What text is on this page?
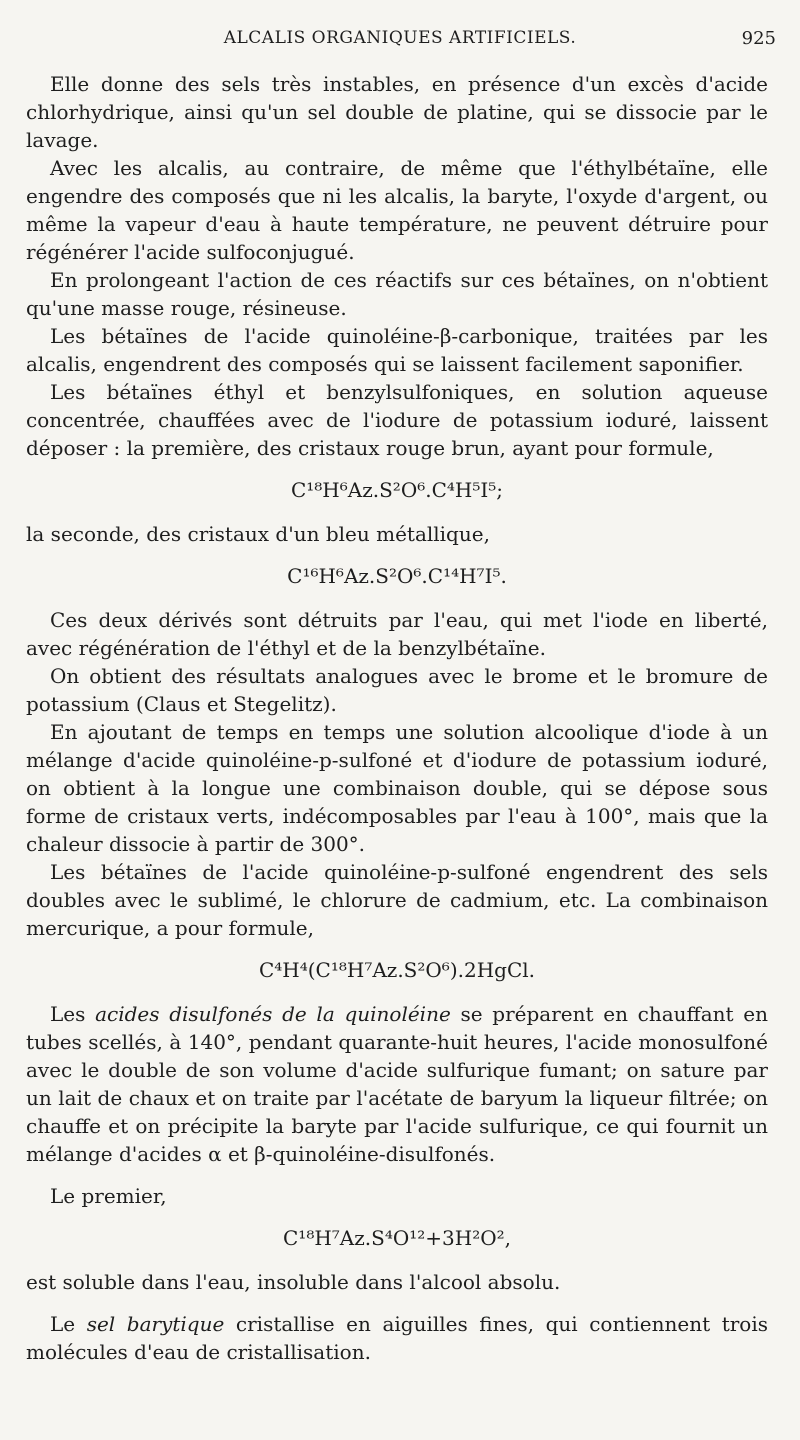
ALCALIS ORGANIQUES ARTIFICIELS.	925

Elle donne des sels très instables, en présence d'un excès d'acide chlorhydrique, ainsi qu'un sel double de platine, qui se dissocie par le lavage.

Avec les alcalis, au contraire, de même que l'éthylbétaïne, elle engendre des composés que ni les alcalis, la baryte, l'oxyde d'argent, ou même la vapeur d'eau à haute température, ne peuvent détruire pour régénérer l'acide sulfoconjugué.

En prolongeant l'action de ces réactifs sur ces bétaïnes, on n'obtient qu'une masse rouge, résineuse.

Les bétaïnes de l'acide quinoléine-β-carbonique, traitées par les alcalis, engendrent des composés qui se laissent facilement saponifier.

Les bétaïnes éthyl et benzylsulfoniques, en solution aqueuse concentrée, chauffées avec de l'iodure de potassium ioduré, laissent déposer : la première, des cristaux rouge brun, ayant pour formule,

C¹⁸H⁶Az.S²O⁶.C⁴H⁵I⁵;

la seconde, des cristaux d'un bleu métallique,

C¹⁶H⁶Az.S²O⁶.C¹⁴H⁷I⁵.

Ces deux dérivés sont détruits par l'eau, qui met l'iode en liberté, avec régénération de l'éthyl et de la benzylbétaïne.

On obtient des résultats analogues avec le brome et le bromure de potassium (Claus et Stegelitz).

En ajoutant de temps en temps une solution alcoolique d'iode à un mélange d'acide quinoléine-p-sulfoné et d'iodure de potassium ioduré, on obtient à la longue une combinaison double, qui se dépose sous forme de cristaux verts, indécomposables par l'eau à 100°, mais que la chaleur dissocie à partir de 300°.

Les bétaïnes de l'acide quinoléine-p-sulfoné engendrent des sels doubles avec le sublimé, le chlorure de cadmium, etc. La combinaison mercurique, a pour formule,

C⁴H⁴(C¹⁸H⁷Az.S²O⁶).2HgCl.

Les acides disulfonés de la quinoléine se préparent en chauffant en tubes scellés, à 140°, pendant quarante-huit heures, l'acide monosulfoné avec le double de son volume d'acide sulfurique fumant; on sature par un lait de chaux et on traite par l'acétate de baryum la liqueur filtrée; on chauffe et on précipite la baryte par l'acide sulfurique, ce qui fournit un mélange d'acides α et β-quinoléine-disulfonés.

Le premier,

C¹⁸H⁷Az.S⁴O¹²+3H²O²,

est soluble dans l'eau, insoluble dans l'alcool absolu.

Le sel barytique cristallise en aiguilles fines, qui contiennent trois molécules d'eau de cristallisation.
